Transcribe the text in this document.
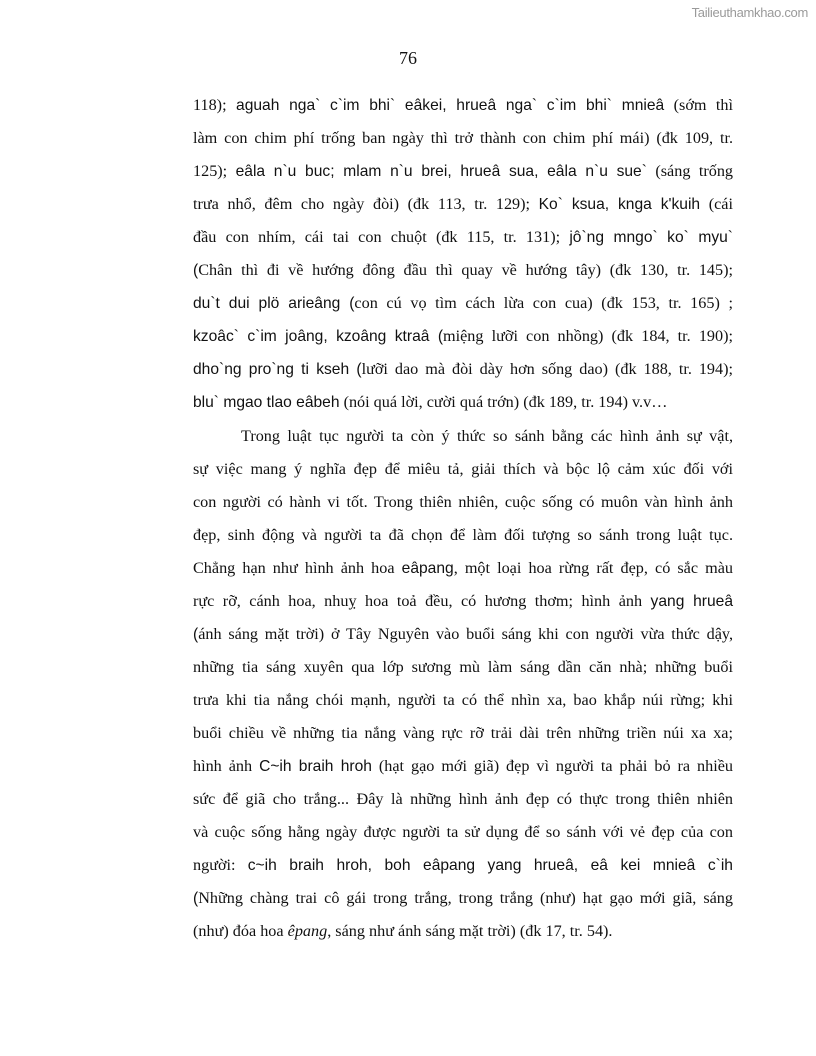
Tailieuthamkhao.com
76
118); aguah nga` c`im bhi` eâkei, hrueâ nga` c`im bhi` mnieâ (sớm thì
làm con chim phí trống ban ngày thì trở thành con chim phí mái) (đk 109, tr.
125); eâla n`u buc; mlam n`u brei, hrueâ sua, eâla n`u sue` (sáng trống
trưa nhổ, đêm cho ngày đòi) (đk 113, tr. 129); Ko` ksua, knga k'kuih (cái
đầu con nhím, cái tai con chuột (đk 115, tr. 131); jô`ng mngo` ko` myu`
(Chân thì đi về hướng đông đầu thì quay về hướng tây) (đk 130, tr. 145);
du`t dui plö arieâng (con cú vọ tìm cách lừa con cua) (đk 153, tr. 165) ;
kzoâc` c`im joâng, kzoâng ktraâ (miệng lưỡi con nhồng) (đk 184, tr. 190);
dho`ng pro`ng ti kseh (lưỡi dao mà đòi dày hơn sống dao) (đk 188, tr. 194);
blu` mgao tlao eâbeh (nói quá lời, cười quá trớn) (đk 189, tr. 194) v.v…
Trong luật tục người ta còn ý thức so sánh bằng các hình ảnh sự vật,
sự việc mang ý nghĩa đẹp để miêu tả, giải thích và bộc lộ cảm xúc đối với
con người có hành vi tốt. Trong thiên nhiên, cuộc sống có muôn vàn hình ảnh
đẹp, sinh động và người ta đã chọn để làm đối tượng so sánh trong luật tục.
Chẳng hạn như hình ảnh hoa eâpang, một loại hoa rừng rất đẹp, có sắc màu
rực rỡ, cánh hoa, nhuỵ hoa toả đều, có hương thơm; hình ảnh yang hrueâ
(ánh sáng mặt trời) ở Tây Nguyên vào buổi sáng khi con người vừa thức dậy,
những tia sáng xuyên qua lớp sương mù làm sáng dần căn nhà; những buổi
trưa khi tia nắng chói mạnh, người ta có thể nhìn xa, bao khắp núi rừng; khi
buổi chiều về những tia nắng vàng rực rỡ trải dài trên những triền núi xa xa;
hình ảnh C~ih braih hroh (hạt gạo mới giã) đẹp vì người ta phải bỏ ra nhiều
sức để giã cho trắng... Đây là những hình ảnh đẹp có thực trong thiên nhiên
và cuộc sống hằng ngày được người ta sử dụng để so sánh với vẻ đẹp của con
người: c~ih braih hroh, boh eâpang yang hrueâ, eâ kei mnieâ c`ih
(Những chàng trai cô gái trong trắng, trong trắng (như) hạt gạo mới giã, sáng
(như) đóa hoa êpang, sáng như ánh sáng mặt trời) (đk 17, tr. 54).
